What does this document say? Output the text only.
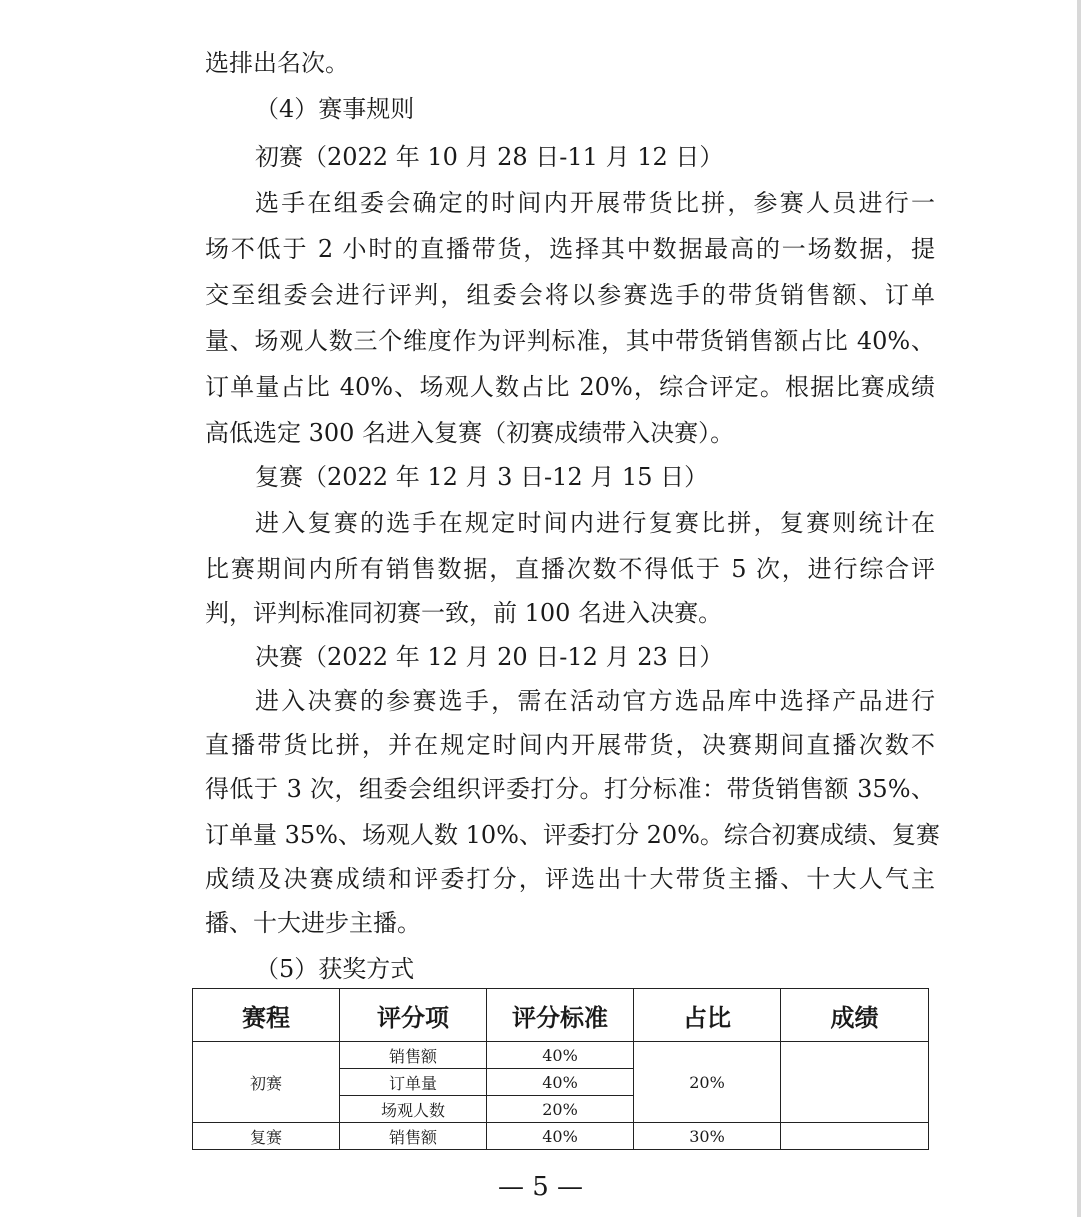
选排出名次。
（4）赛事规则
初赛（2022 年 10 月 28 日-11 月 12 日）
选手在组委会确定的时间内开展带货比拼，参赛人员进行一
场不低于 2 小时的直播带货，选择其中数据最高的一场数据，提
交至组委会进行评判，组委会将以参赛选手的带货销售额、订单
量、场观人数三个维度作为评判标准，其中带货销售额占比 40%、
订单量占比 40%、场观人数占比 20%，综合评定。根据比赛成绩
高低选定 300 名进入复赛（初赛成绩带入决赛）。
复赛（2022 年 12 月 3 日-12 月 15 日）
进入复赛的选手在规定时间内进行复赛比拼，复赛则统计在
比赛期间内所有销售数据，直播次数不得低于 5 次，进行综合评
判，评判标准同初赛一致，前 100 名进入决赛。
决赛（2022 年 12 月 20 日-12 月 23 日）
进入决赛的参赛选手，需在活动官方选品库中选择产品进行
直播带货比拼，并在规定时间内开展带货，决赛期间直播次数不
得低于 3 次，组委会组织评委打分。打分标准：带货销售额 35%、
订单量 35%、场观人数 10%、评委打分 20%。综合初赛成绩、复赛
成绩及决赛成绩和评委打分，评选出十大带货主播、十大人气主
播、十大进步主播。
（5）获奖方式
赛程	评分项	评分标准	占比	成绩
初赛	销售额	40%	20%	
	订单量	40%		
	场观人数	20%		
复赛	销售额	40%	30%	
— 5 —
